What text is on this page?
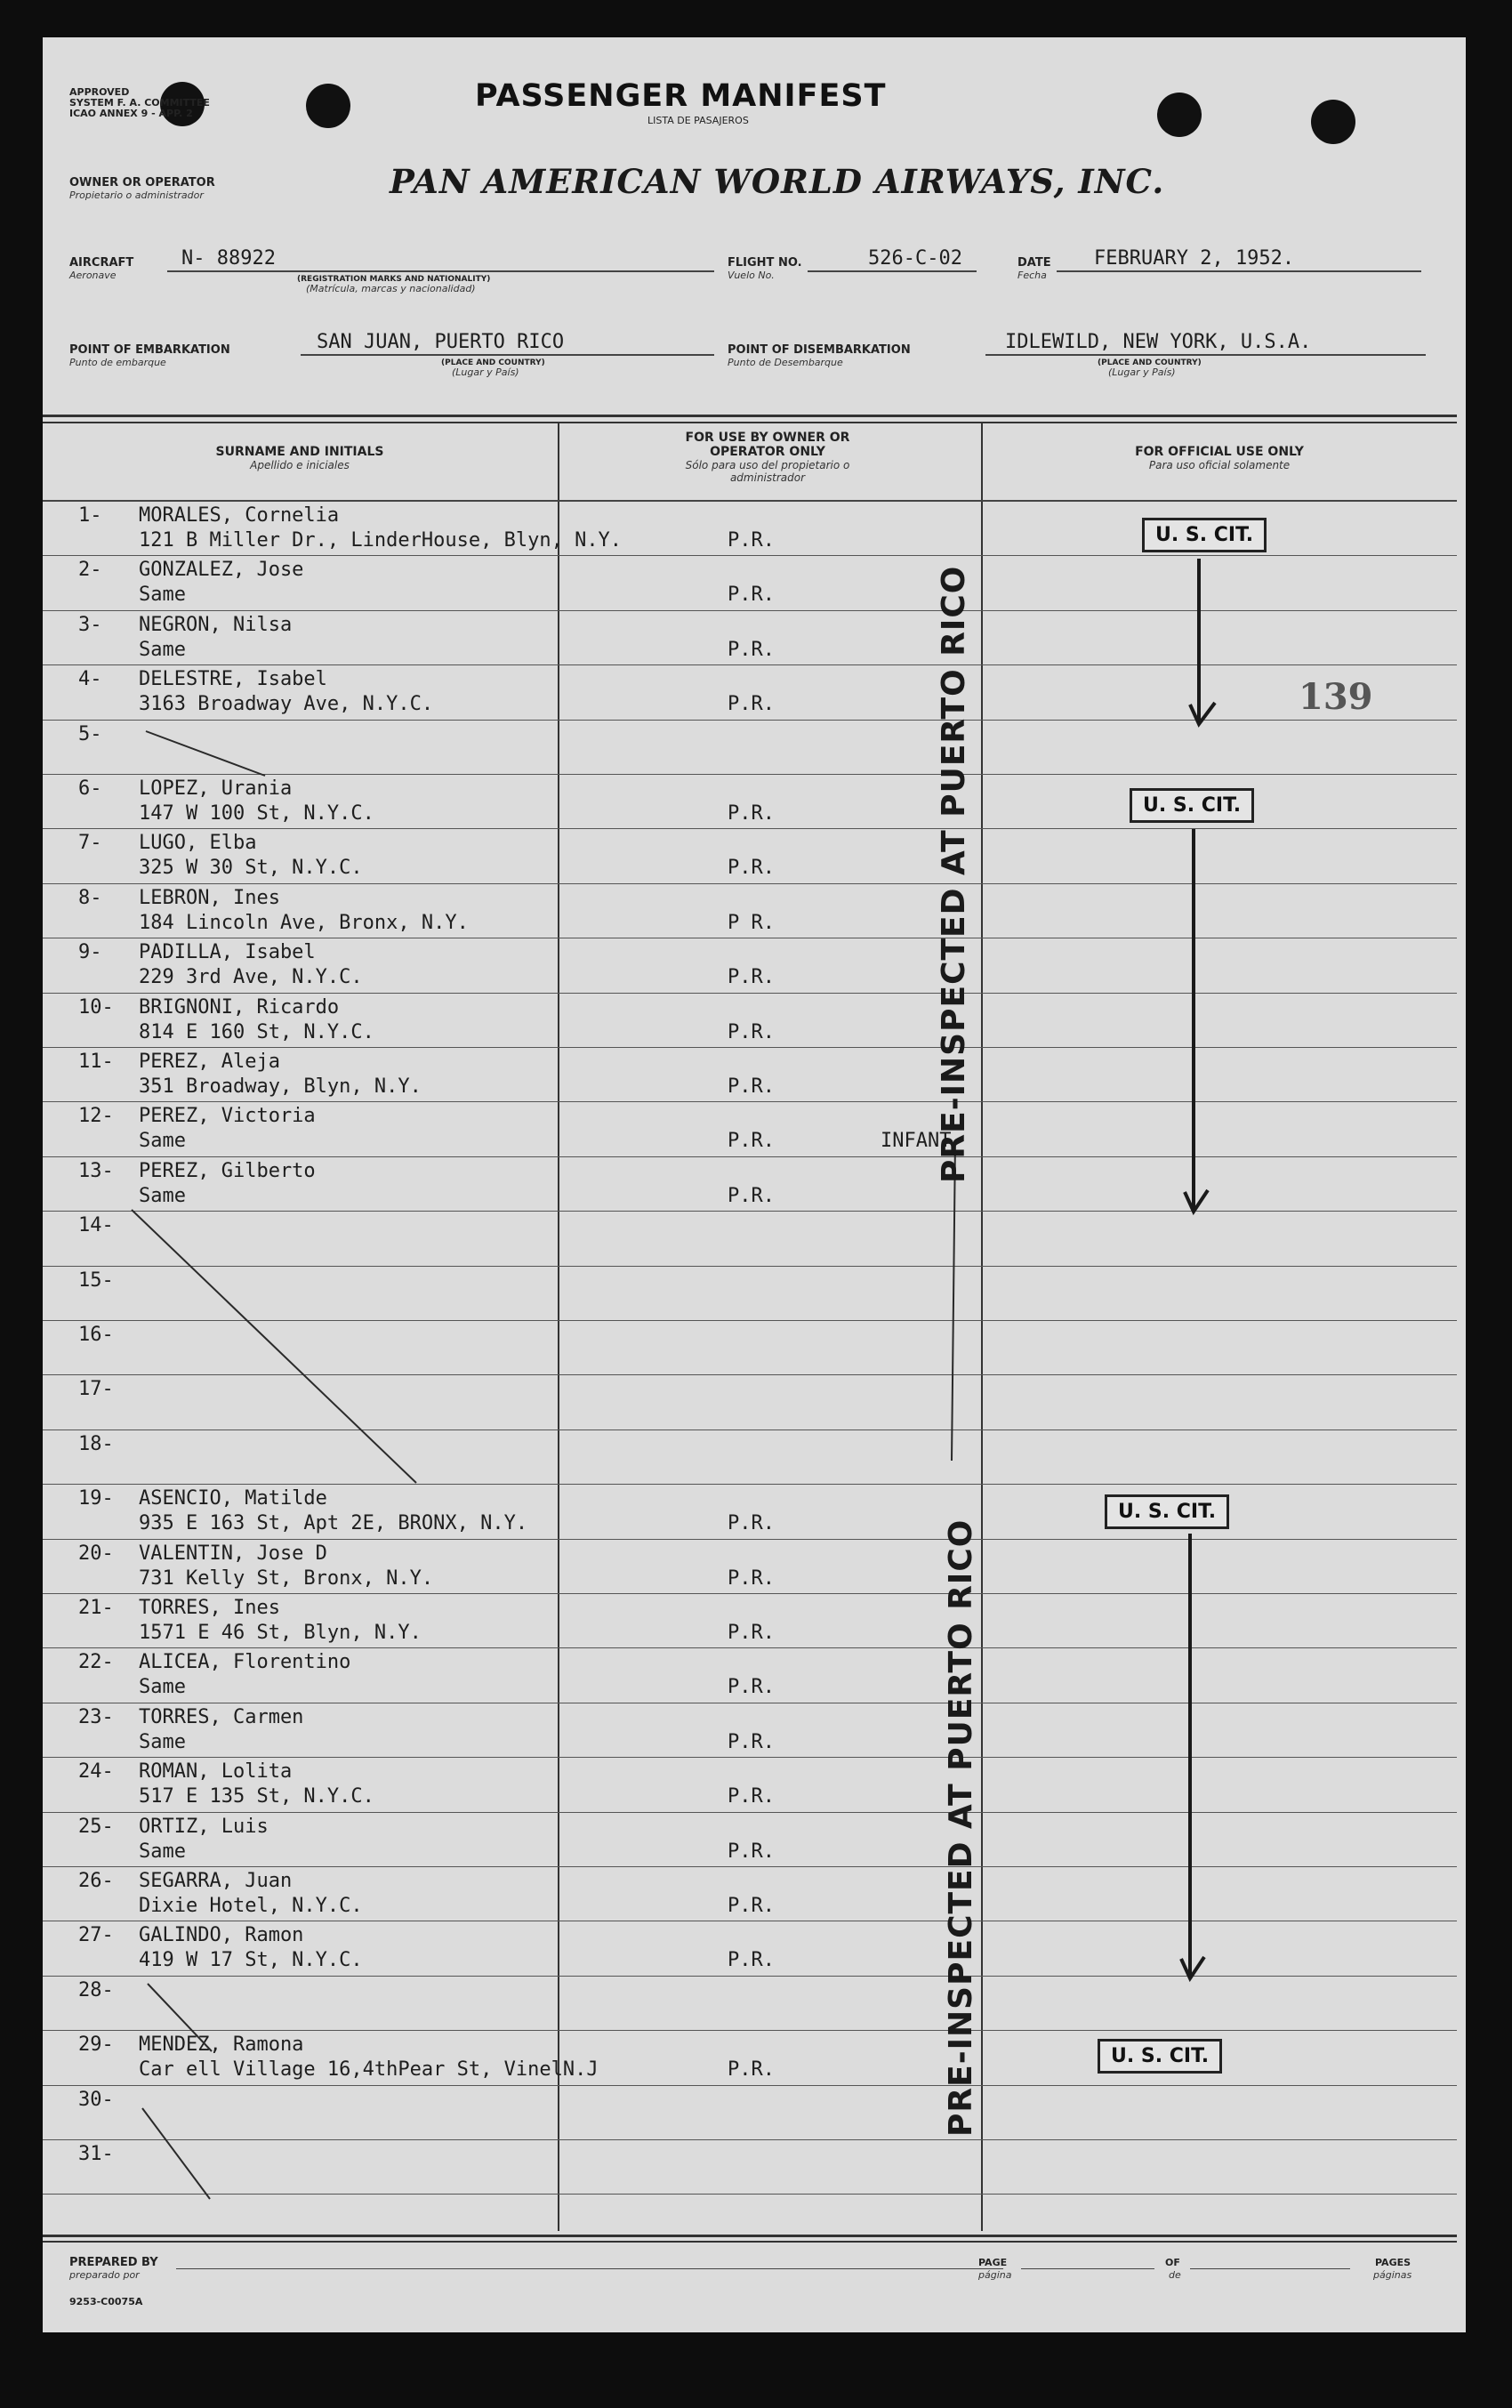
APPROVED
SYSTEM F. A. COMMITTEE
ICAO ANNEX 9 - APP. 2	PASSENGER MANIFEST
LISTA DE PASAJEROS
OWNER OR OPERATOR
Propietario o administrador	PAN AMERICAN WORLD AIRWAYS, INC.
AIRCRAFT
Aeronave
N- 88922
(REGISTRATION MARKS AND NATIONALITY)
(Matrícula, marcas y nacionalidad)
FLIGHT NO.
Vuelo No.
526-C-02	DATE
Fecha
FEBRUARY 2, 1952.
POINT OF EMBARKATION
Punto de embarque
SAN JUAN, PUERTO RICO
(PLACE AND COUNTRY)
(Lugar y País)
POINT OF DISEMBARKATION
Punto de Desembarque
IDLEWILD, NEW YORK, U.S.A.
(PLACE AND COUNTRY)
(Lugar y País)
SURNAME AND INITIALS
Apellido e iniciales
FOR USE BY OWNER OR OPERATOR ONLY
Sólo para uso del propietario o administrador
FOR OFFICIAL USE ONLY
Para uso oficial solamente
1- MORALES, Cornelia
121 B Miller Dr., LinderHouse, Blyn, N.Y.	P.R.
2- GONZALEZ, Jose
Same	P.R.
3- NEGRON, Nilsa
Same	P.R.
4- DELESTRE, Isabel
3163 Broadway Ave, N.Y.C.	P.R.
5-
6- LOPEZ, Urania
147 W 100 St, N.Y.C.	P.R.
7- LUGO, Elba
325 W 30 St, N.Y.C.	P.R.
8- LEBRON, Ines
184 Lincoln Ave, Bronx, N.Y.	P R.
9- PADILLA, Isabel
229 3rd Ave, N.Y.C.	P.R.
10- BRIGNONI, Ricardo
814 E 160 St, N.Y.C.	P.R.
11- PEREZ, Aleja
351 Broadway, Blyn, N.Y.	P.R.
12- PEREZ, Victoria
Same	P.R.	INFANT
13- PEREZ, Gilberto
Same	P.R.
14-
15-
16-
17-
18-
19- ASENCIO, Matilde
935 E 163 St, Apt 2E, BRONX, N.Y.	P.R.
20- VALENTIN, Jose D
731 Kelly St, Bronx, N.Y.	P.R.
21- TORRES, Ines
1571 E 46 St, Blyn, N.Y.	P.R.
22- ALICEA, Florentino
Same	P.R.
23- TORRES, Carmen
Same	P.R.
24- ROMAN, Lolita
517 E 135 St, N.Y.C.	P.R.
25- ORTIZ, Luis
Same	P.R.
26- SEGARRA, Juan
Dixie Hotel, N.Y.C.	P.R.
27- GALINDO, Ramon
419 W 17 St, N.Y.C.	P.R.
28-
29- MENDEZ, Ramona
Car ell Village 16,4thPear St, VinelN.J	P.R.
30-
31-
U. S. CIT.
U. S. CIT.
U. S. CIT.
U. S. CIT.
139
PRE-INSPECTED AT PUERTO RICO
PRE-INSPECTED AT PUERTO RICO
PREPARED BY
preparado por
PAGE
página
OF
de
PAGES
páginas
9253-C0075A
